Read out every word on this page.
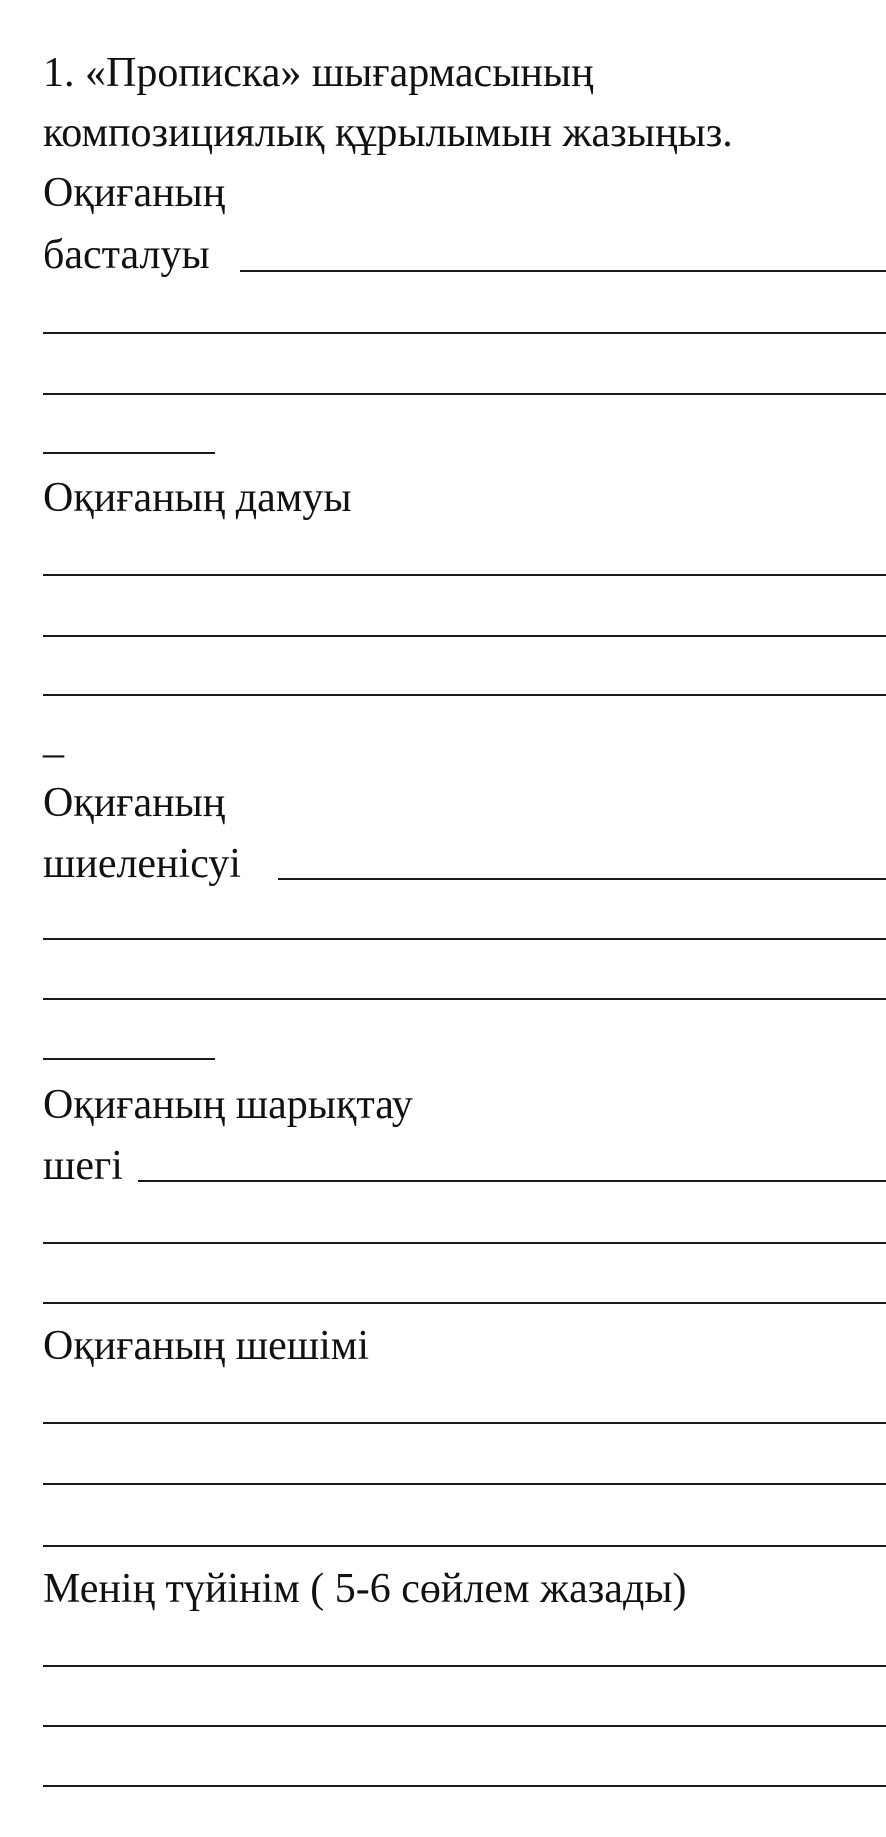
1. «Прописка» шығармасының
композициялық құрылымын жазыңыз.
Оқиғаның
басталуы
Оқиғаның дамуы
_
Оқиғаның
шиеленісуі
Оқиғаның шарықтау
шегі
Оқиғаның шешімі
Менің түйінім ( 5-6 сөйлем жазады)
